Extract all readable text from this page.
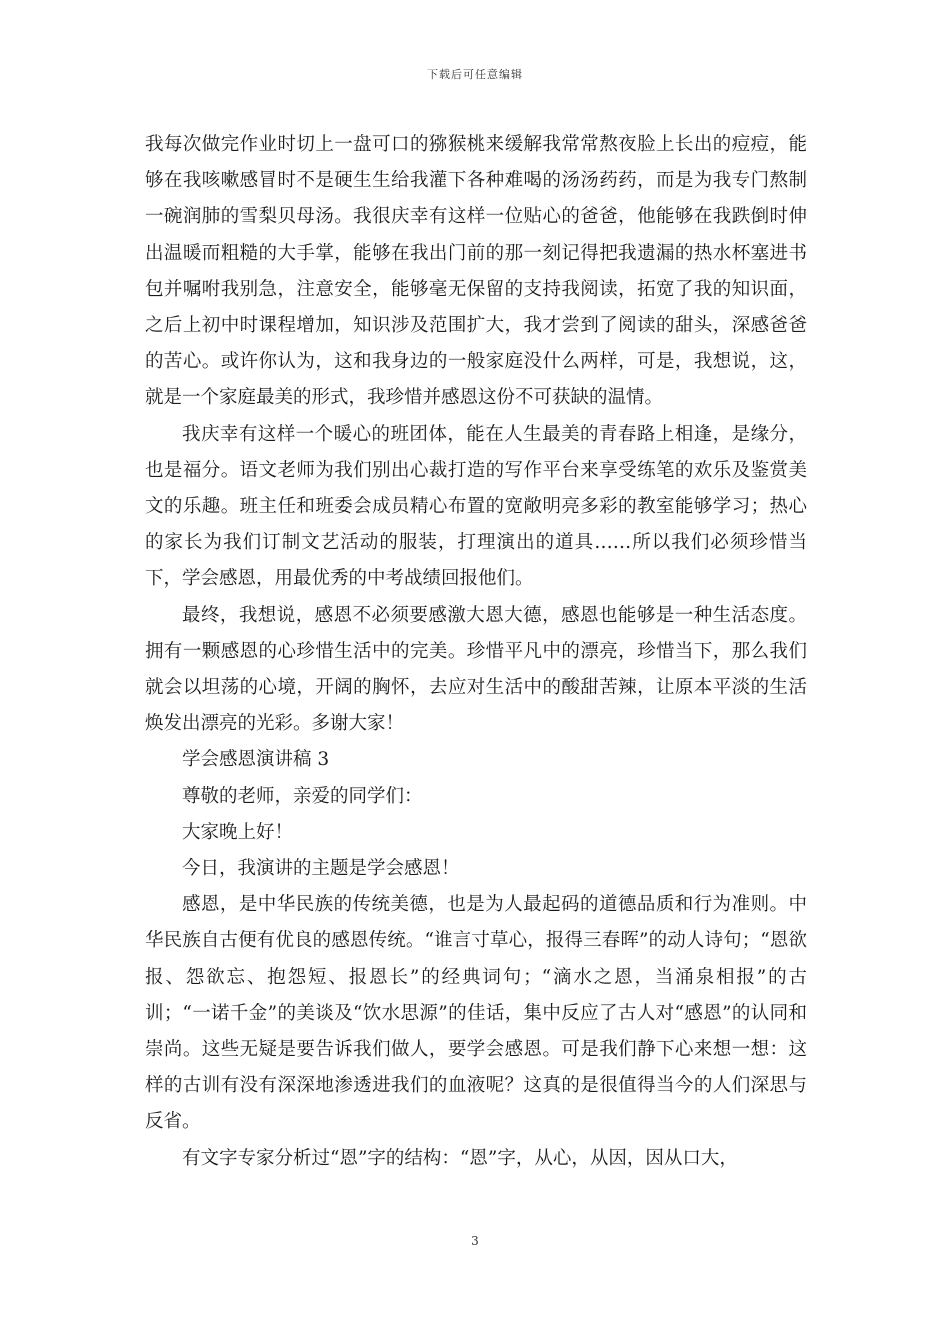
下载后可任意编辑

我每次做完作业时切上一盘可口的猕猴桃来缓解我常常熬夜脸上长出的痘痘，能够在我咳嗽感冒时不是硬生生给我灌下各种难喝的汤汤药药，而是为我专门熬制一碗润肺的雪梨贝母汤。我很庆幸有这样一位贴心的爸爸，他能够在我跌倒时伸出温暖而粗糙的大手掌，能够在我出门前的那一刻记得把我遗漏的热水杯塞进书包并嘱咐我别急，注意安全，能够毫无保留的支持我阅读，拓宽了我的知识面，之后上初中时课程增加，知识涉及范围扩大，我才尝到了阅读的甜头，深感爸爸的苦心。或许你认为，这和我身边的一般家庭没什么两样，可是，我想说，这，就是一个家庭最美的形式，我珍惜并感恩这份不可获缺的温情。

我庆幸有这样一个暖心的班团体，能在人生最美的青春路上相逢，是缘分，也是福分。语文老师为我们别出心裁打造的写作平台来享受练笔的欢乐及鉴赏美文的乐趣。班主任和班委会成员精心布置的宽敞明亮多彩的教室能够学习；热心的家长为我们订制文艺活动的服装，打理演出的道具……所以我们必须珍惜当下，学会感恩，用最优秀的中考战绩回报他们。

最终，我想说，感恩不必须要感激大恩大德，感恩也能够是一种生活态度。拥有一颗感恩的心珍惜生活中的完美。珍惜平凡中的漂亮，珍惜当下，那么我们就会以坦荡的心境，开阔的胸怀，去应对生活中的酸甜苦辣，让原本平淡的生活焕发出漂亮的光彩。多谢大家！

学会感恩演讲稿 3

尊敬的老师，亲爱的同学们：

大家晚上好！

今日，我演讲的主题是学会感恩！

感恩，是中华民族的传统美德，也是为人最起码的道德品质和行为准则。中华民族自古便有优良的感恩传统。“谁言寸草心，报得三春晖”的动人诗句；“恩欲报、怨欲忘、抱怨短、报恩长”的经典词句；“滴水之恩，当涌泉相报”的古训；“一诺千金”的美谈及“饮水思源”的佳话，集中反应了古人对“感恩”的认同和崇尚。这些无疑是要告诉我们做人，要学会感恩。可是我们静下心来想一想：这样的古训有没有深深地渗透进我们的血液呢？这真的是很值得当今的人们深思与反省。

有文字专家分析过“恩”字的结构：“恩”字，从心，从因，因从口大，

3
